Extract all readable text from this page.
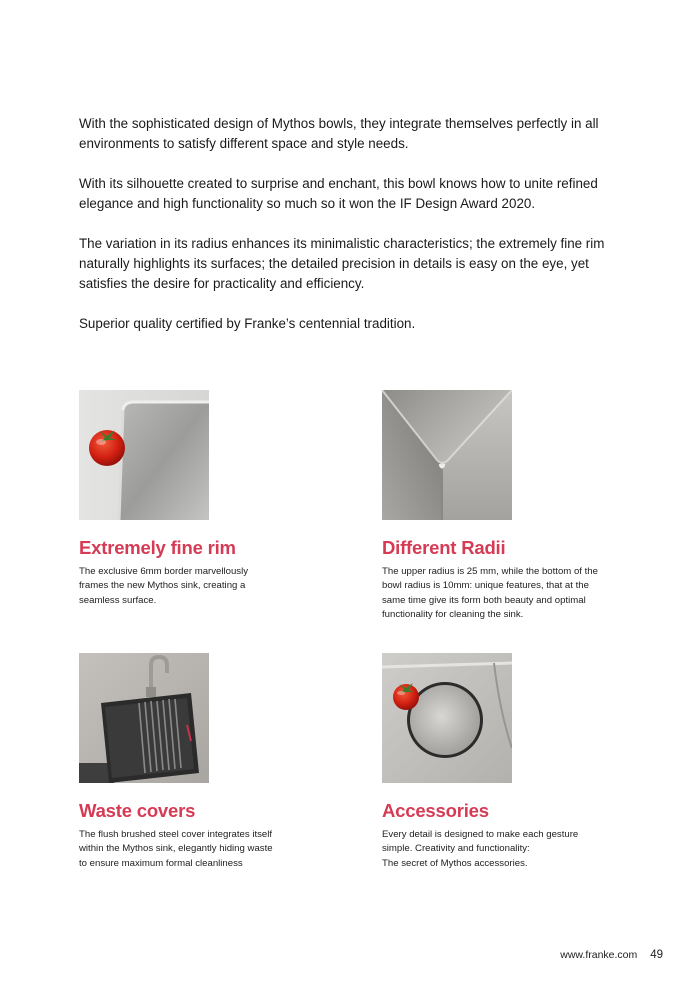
With the sophisticated design of Mythos bowls, they integrate themselves perfectly in all environments to satisfy different space and style needs.

With its silhouette created to surprise and enchant, this bowl knows how to unite refined elegance and high functionality so much so it won the IF Design Award 2020.

The variation in its radius enhances its minimalistic characteristics; the extremely fine rim naturally highlights its surfaces; the detailed precision in details is easy on the eye, yet satisfies the desire for practicality and efficiency.

Superior quality certified by Franke’s centennial tradition.

Extremely fine rim

The exclusive 6mm border marvellously
frames the new Mythos sink, creating a
seamless surface.

Different Radii

The upper radius is 25 mm, while the bottom of the
bowl radius is 10mm: unique features, that at the
same time give its form both beauty and optimal
functionality for cleaning the sink.

Waste covers

The flush brushed steel cover integrates itself
within the Mythos sink, elegantly hiding waste
to ensure maximum formal cleanliness

Accessories

Every detail is designed to make each gesture
simple. Creativity and functionality:
The secret of Mythos accessories.

www.franke.com 49
